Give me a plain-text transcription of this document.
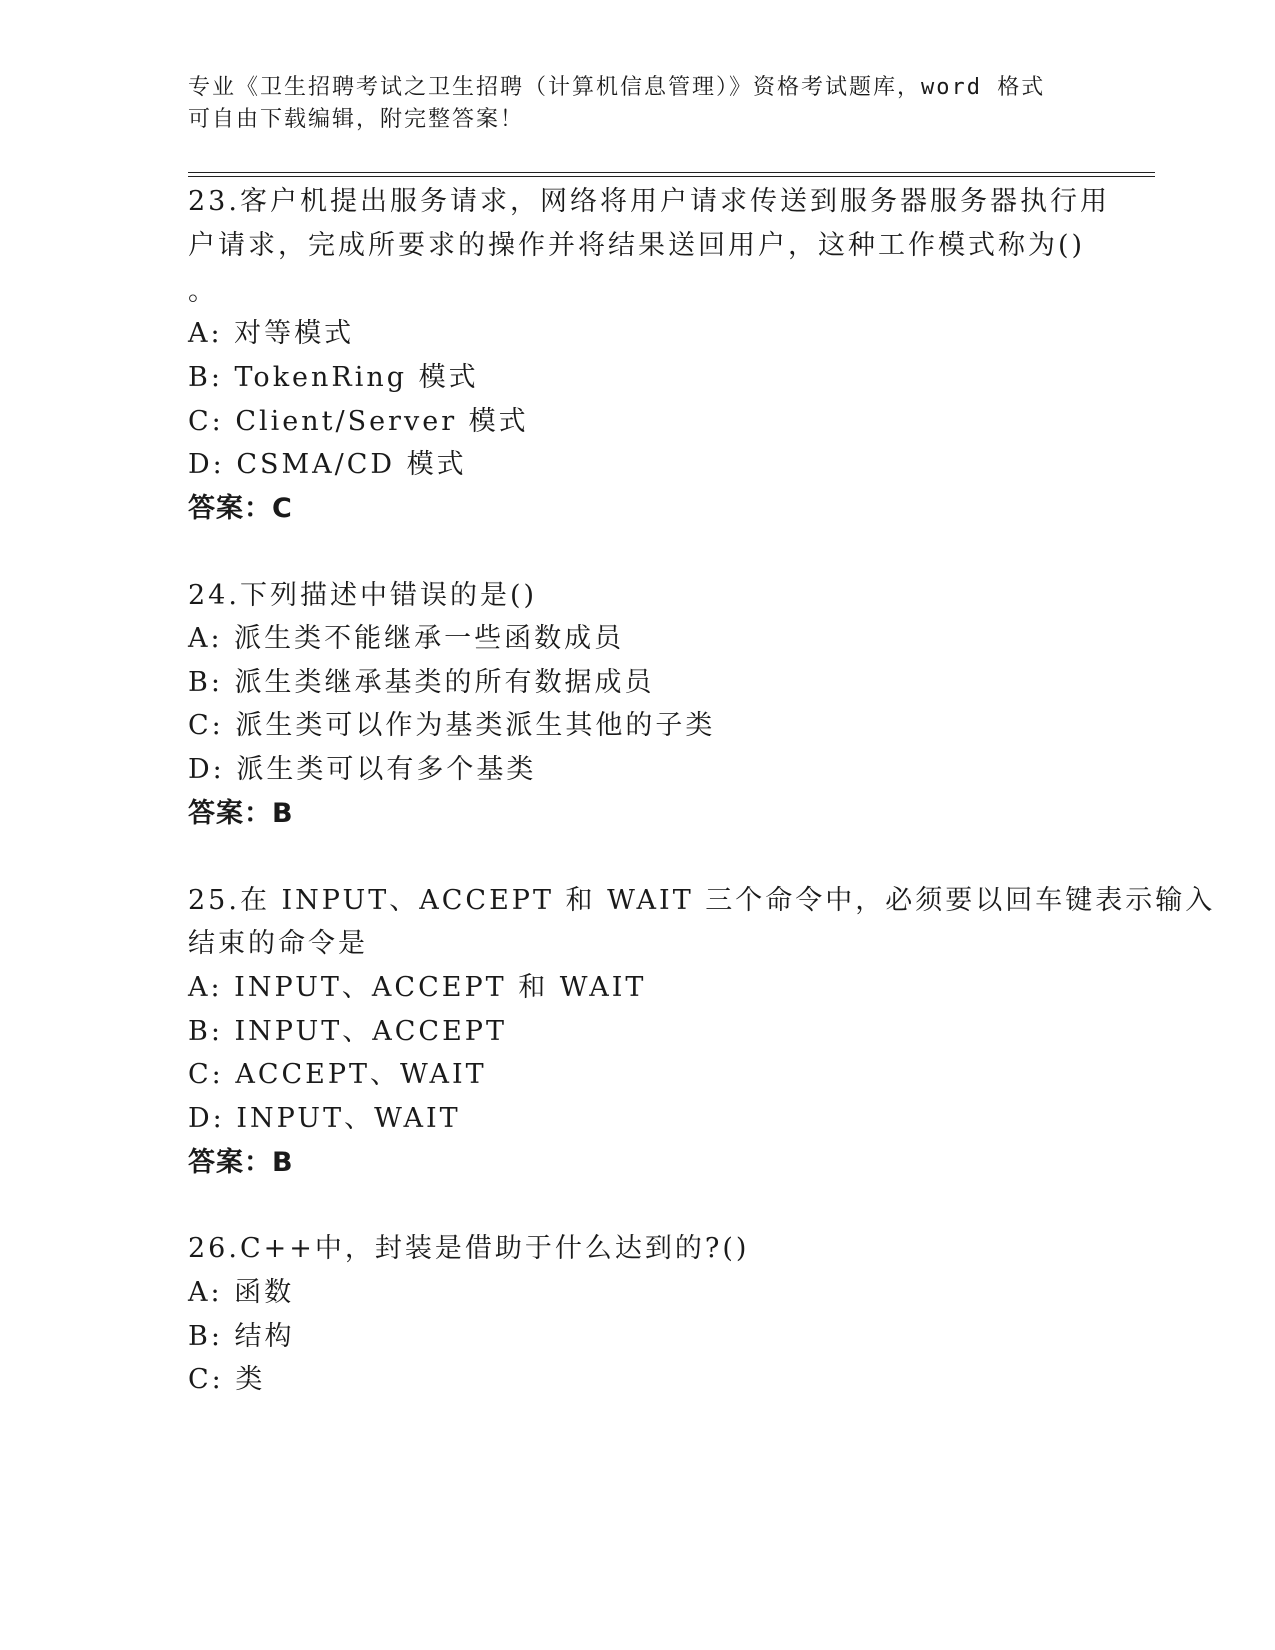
专业《卫生招聘考试之卫生招聘（计算机信息管理）》资格考试题库，word 格式
可自由下载编辑，附完整答案！
23.客户机提出服务请求，网络将用户请求传送到服务器服务器执行用
户请求，完成所要求的操作并将结果送回用户，这种工作模式称为()
。
A: 对等模式
B: TokenRing 模式
C: Client/Server 模式
D: CSMA/CD 模式
答案：C
24.下列描述中错误的是()
A: 派生类不能继承一些函数成员
B: 派生类继承基类的所有数据成员
C: 派生类可以作为基类派生其他的子类
D: 派生类可以有多个基类
答案：B
25.在 INPUT、ACCEPT 和 WAIT 三个命令中，必须要以回车键表示输入
结束的命令是
A: INPUT、ACCEPT 和 WAIT
B: INPUT、ACCEPT
C: ACCEPT、WAIT
D: INPUT、WAIT
答案：B
26.C++中，封装是借助于什么达到的?()
A: 函数
B: 结构
C: 类
